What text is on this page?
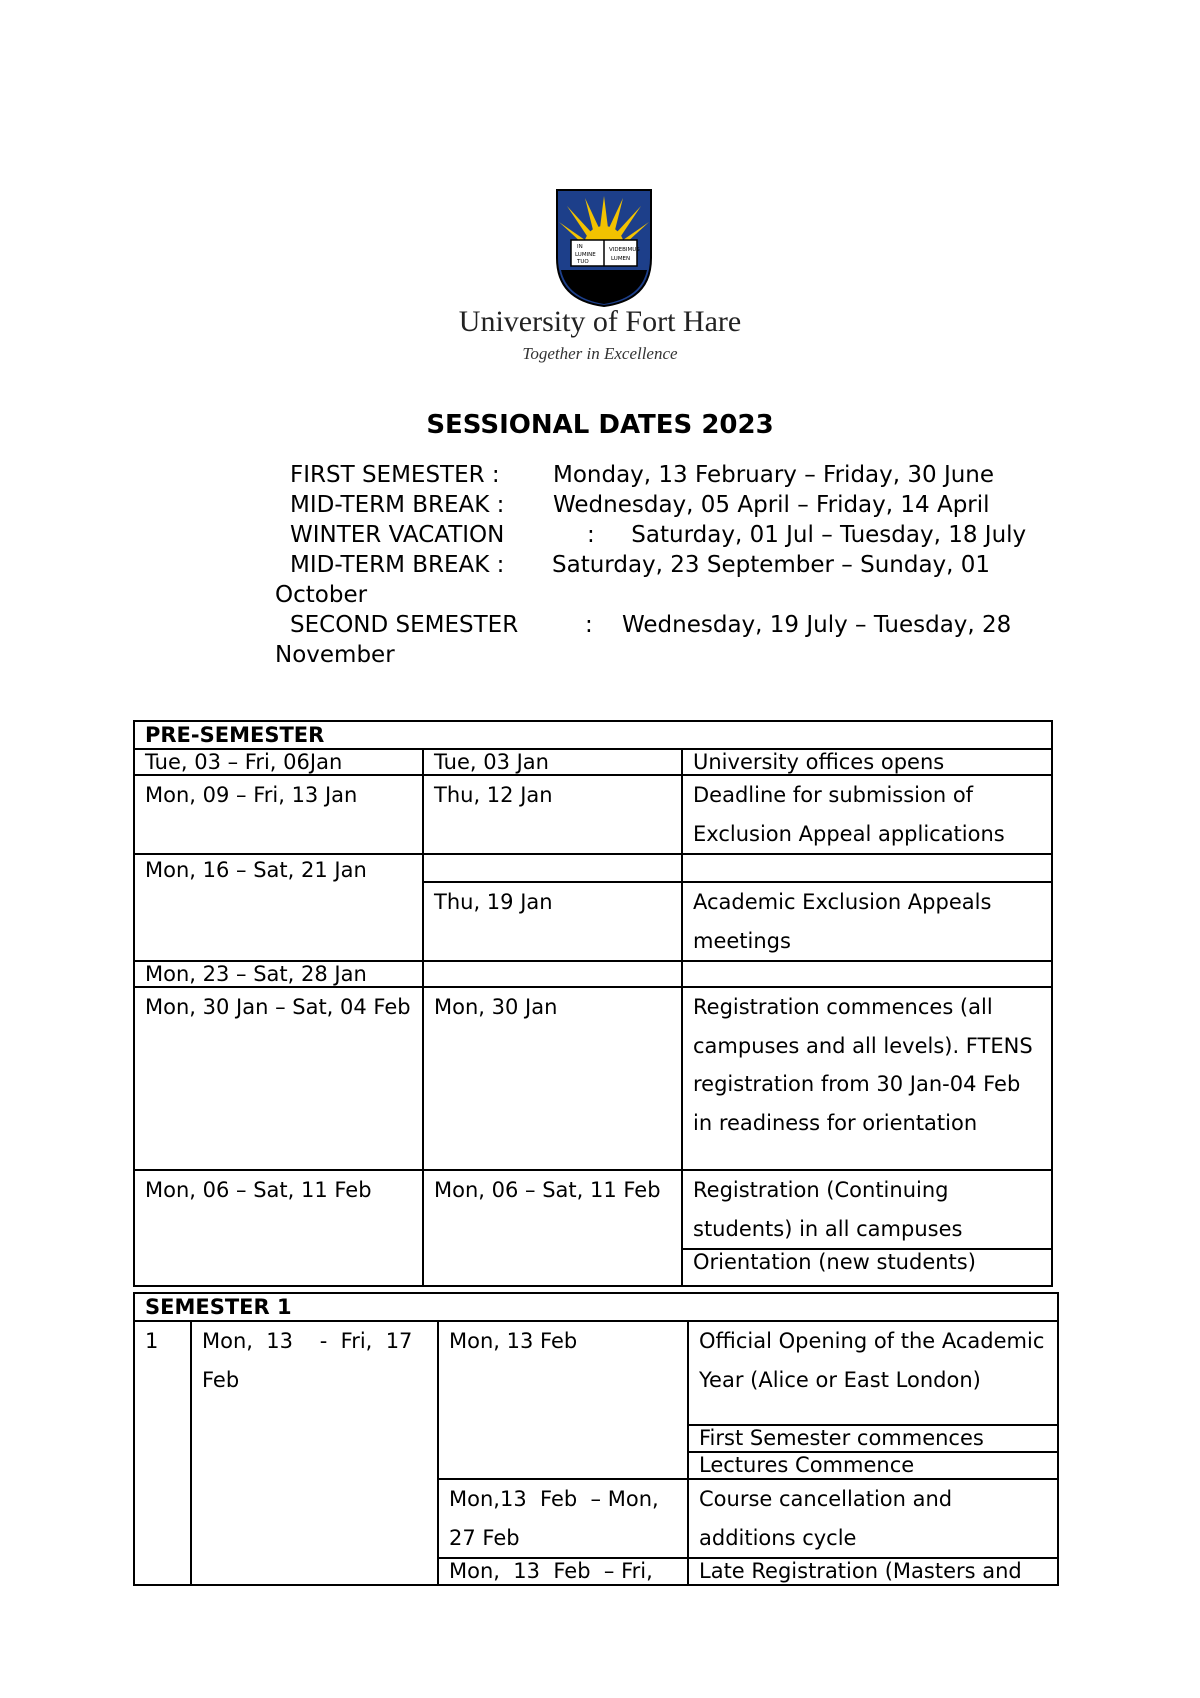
IN
LUMINE
TUO
VIDEBIMUS
LUMEN
University of Fort Hare
Together in Excellence
SESSIONAL DATES 2023
FIRST SEMESTER : Monday, 13 February – Friday, 30 June
MID-TERM BREAK : Wednesday, 05 April – Friday, 14 April
WINTER VACATION	:     Saturday, 01 Jul – Tuesday, 18 July
MID-TERM BREAK : Saturday, 23 September – Sunday, 01
October
SECOND SEMESTER	:    Wednesday, 19 July – Tuesday, 28
November
PRE-SEMESTER		
Tue, 03 – Fri, 06Jan	Tue, 03 Jan	University offices opens
Mon, 09 – Fri, 13 Jan	Thu, 12 Jan	Deadline for submission of Exclusion Appeal applications
Mon, 16 – Sat, 21 Jan		
	Thu, 19 Jan	Academic Exclusion Appeals meetings
Mon, 23 – Sat, 28 Jan		
Mon, 30 Jan – Sat, 04 Feb	Mon, 30 Jan	Registration commences (all campuses and all levels). FTENS registration from 30 Jan-04 Feb in readiness for orientation
Mon, 06 – Sat, 11 Feb	Mon, 06 – Sat, 11 Feb	Registration (Continuing students) in all campuses
		Orientation (new students)
SEMESTER 1			
1	Mon,  13    -  Fri,  17 Feb	Mon, 13 Feb	Official Opening of the Academic Year (Alice or East London)
			First Semester commences
			Lectures Commence
		Mon,13  Feb  – Mon, 27 Feb	Course cancellation and additions cycle
		Mon,  13  Feb  – Fri,	Late Registration (Masters and
